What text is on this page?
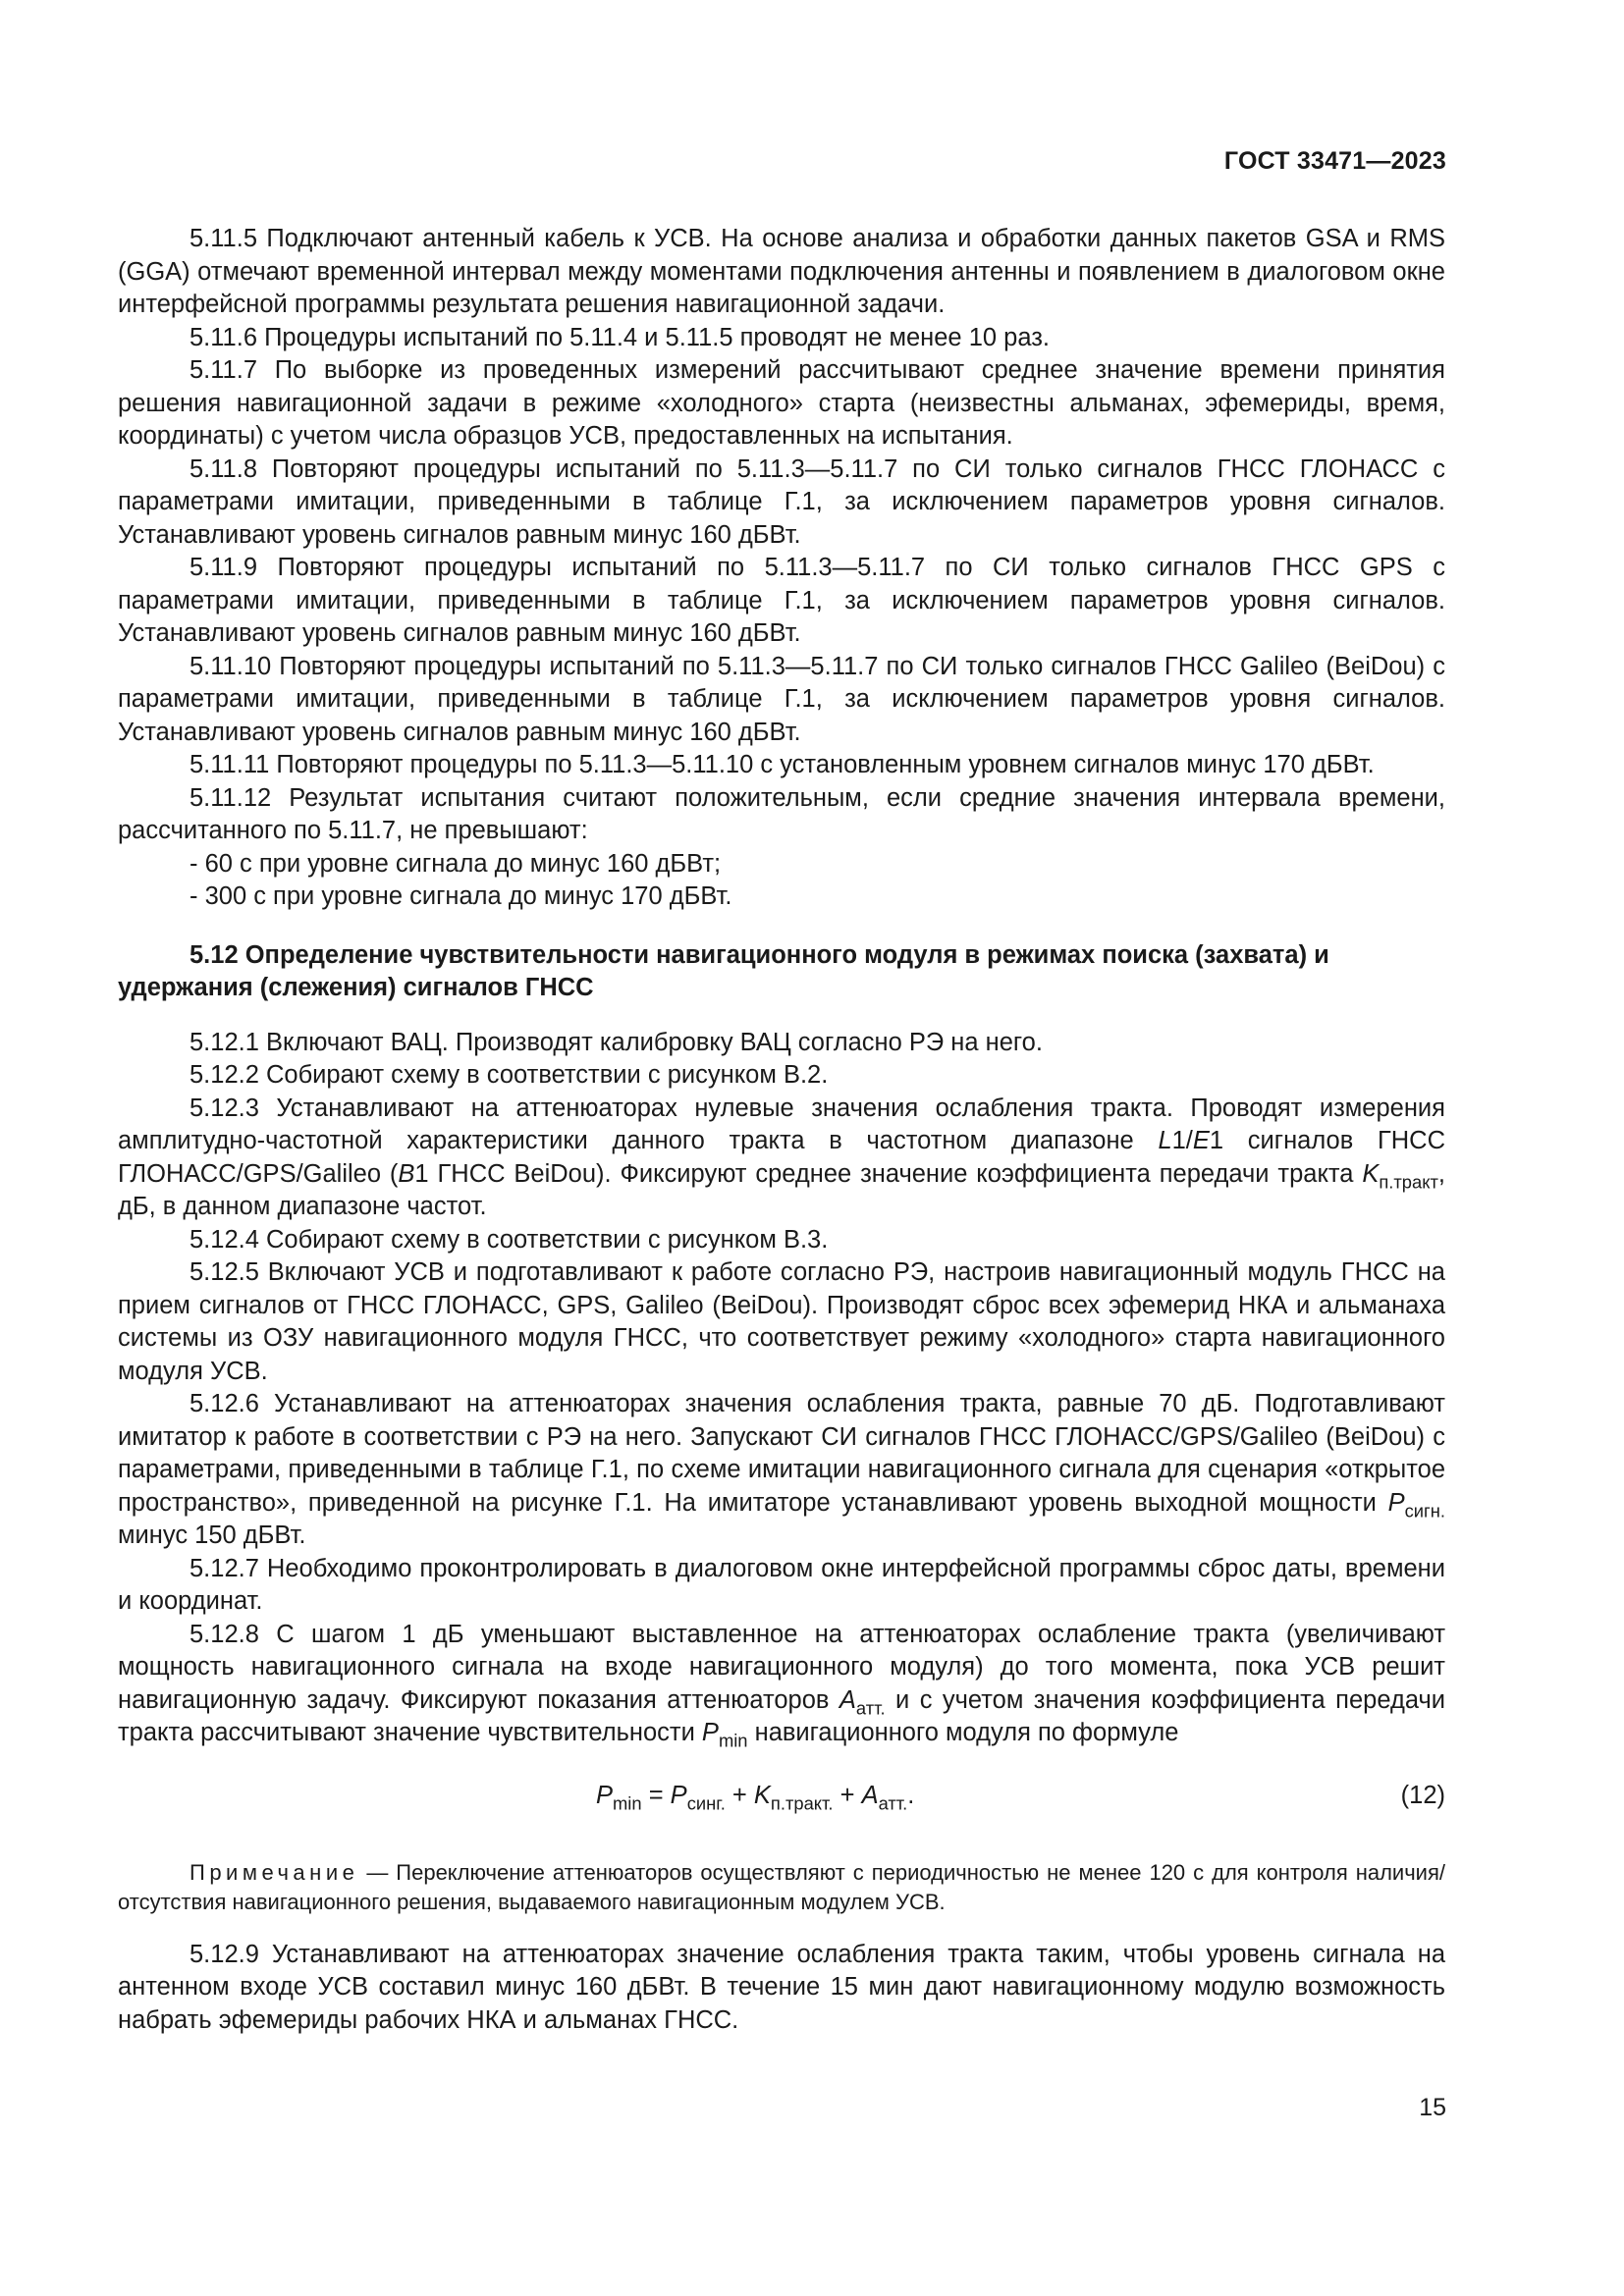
ГОСТ 33471—2023

5.11.5 Подключают антенный кабель к УСВ. На основе анализа и обработки данных пакетов GSA и RMS (GGA) отмечают временной интервал между моментами подключения антенны и появлением в диалоговом окне интерфейсной программы результата решения навигационной задачи.

5.11.6 Процедуры испытаний по 5.11.4 и 5.11.5 проводят не менее 10 раз.

5.11.7 По выборке из проведенных измерений рассчитывают среднее значение времени принятия решения навигационной задачи в режиме «холодного» старта (неизвестны альманах, эфемериды, время, координаты) с учетом числа образцов УСВ, предоставленных на испытания.

5.11.8 Повторяют процедуры испытаний по 5.11.3—5.11.7 по СИ только сигналов ГНСС ГЛОНАСС с параметрами имитации, приведенными в таблице Г.1, за исключением параметров уровня сигналов. Устанавливают уровень сигналов равным минус 160 дБВт.

5.11.9 Повторяют процедуры испытаний по 5.11.3—5.11.7 по СИ только сигналов ГНСС GPS с параметрами имитации, приведенными в таблице Г.1, за исключением параметров уровня сигналов. Устанавливают уровень сигналов равным минус 160 дБВт.

5.11.10 Повторяют процедуры испытаний по 5.11.3—5.11.7 по СИ только сигналов ГНСС Galileo (BeiDou) с параметрами имитации, приведенными в таблице Г.1, за исключением параметров уровня сигналов. Устанавливают уровень сигналов равным минус 160 дБВт.

5.11.11 Повторяют процедуры по 5.11.3—5.11.10 с установленным уровнем сигналов минус 170 дБВт.

5.11.12 Результат испытания считают положительным, если средние значения интервала времени, рассчитанного по 5.11.7, не превышают:

- 60 с при уровне сигнала до минус 160 дБВт;

- 300 с при уровне сигнала до минус 170 дБВт.

5.12 Определение чувствительности навигационного модуля в режимах поиска (захвата) и удержания (слежения) сигналов ГНСС

5.12.1 Включают ВАЦ. Производят калибровку ВАЦ согласно РЭ на него.

5.12.2 Собирают схему в соответствии с рисунком В.2.

5.12.3 Устанавливают на аттенюаторах нулевые значения ослабления тракта. Проводят измерения амплитудно-частотной характеристики данного тракта в частотном диапазоне L1/E1 сигналов ГНСС ГЛОНАСС/GPS/Galileo (B1 ГНСС BeiDou). Фиксируют среднее значение коэффициента передачи тракта $K_{п.тракт}$, дБ, в данном диапазоне частот.

5.12.4 Собирают схему в соответствии с рисунком В.3.

5.12.5 Включают УСВ и подготавливают к работе согласно РЭ, настроив навигационный модуль ГНСС на прием сигналов от ГНСС ГЛОНАСС, GPS, Galileo (BeiDou). Производят сброс всех эфемерид НКА и альманаха системы из ОЗУ навигационного модуля ГНСС, что соответствует режиму «холодного» старта навигационного модуля УСВ.

5.12.6 Устанавливают на аттенюаторах значения ослабления тракта, равные 70 дБ. Подготавливают имитатор к работе в соответствии с РЭ на него. Запускают СИ сигналов ГНСС ГЛОНАСС/GPS/Galileo (BeiDou) с параметрами, приведенными в таблице Г.1, по схеме имитации навигационного сигнала для сценария «открытое пространство», приведенной на рисунке Г.1. На имитаторе устанавливают уровень выходной мощности $P_{сигн.}$ минус 150 дБВт.

5.12.7 Необходимо проконтролировать в диалоговом окне интерфейсной программы сброс даты, времени и координат.

5.12.8 С шагом 1 дБ уменьшают выставленное на аттенюаторах ослабление тракта (увеличивают мощность навигационного сигнала на входе навигационного модуля) до того момента, пока УСВ решит навигационную задачу. Фиксируют показания аттенюаторов $A_{атт.}$ и с учетом значения коэффициента передачи тракта рассчитывают значение чувствительности $P_{min}$ навигационного модуля по формуле

$P_{min} = P_{синг.} + K_{п.тракт.} + A_{атт.}$.	(12)

Примечание — Переключение аттенюаторов осуществляют с периодичностью не менее 120 с для контроля наличия/отсутствия навигационного решения, выдаваемого навигационным модулем УСВ.

5.12.9 Устанавливают на аттенюаторах значение ослабления тракта таким, чтобы уровень сигнала на антенном входе УСВ составил минус 160 дБВт. В течение 15 мин дают навигационному модулю возможность набрать эфемериды рабочих НКА и альманах ГНСС.

15
